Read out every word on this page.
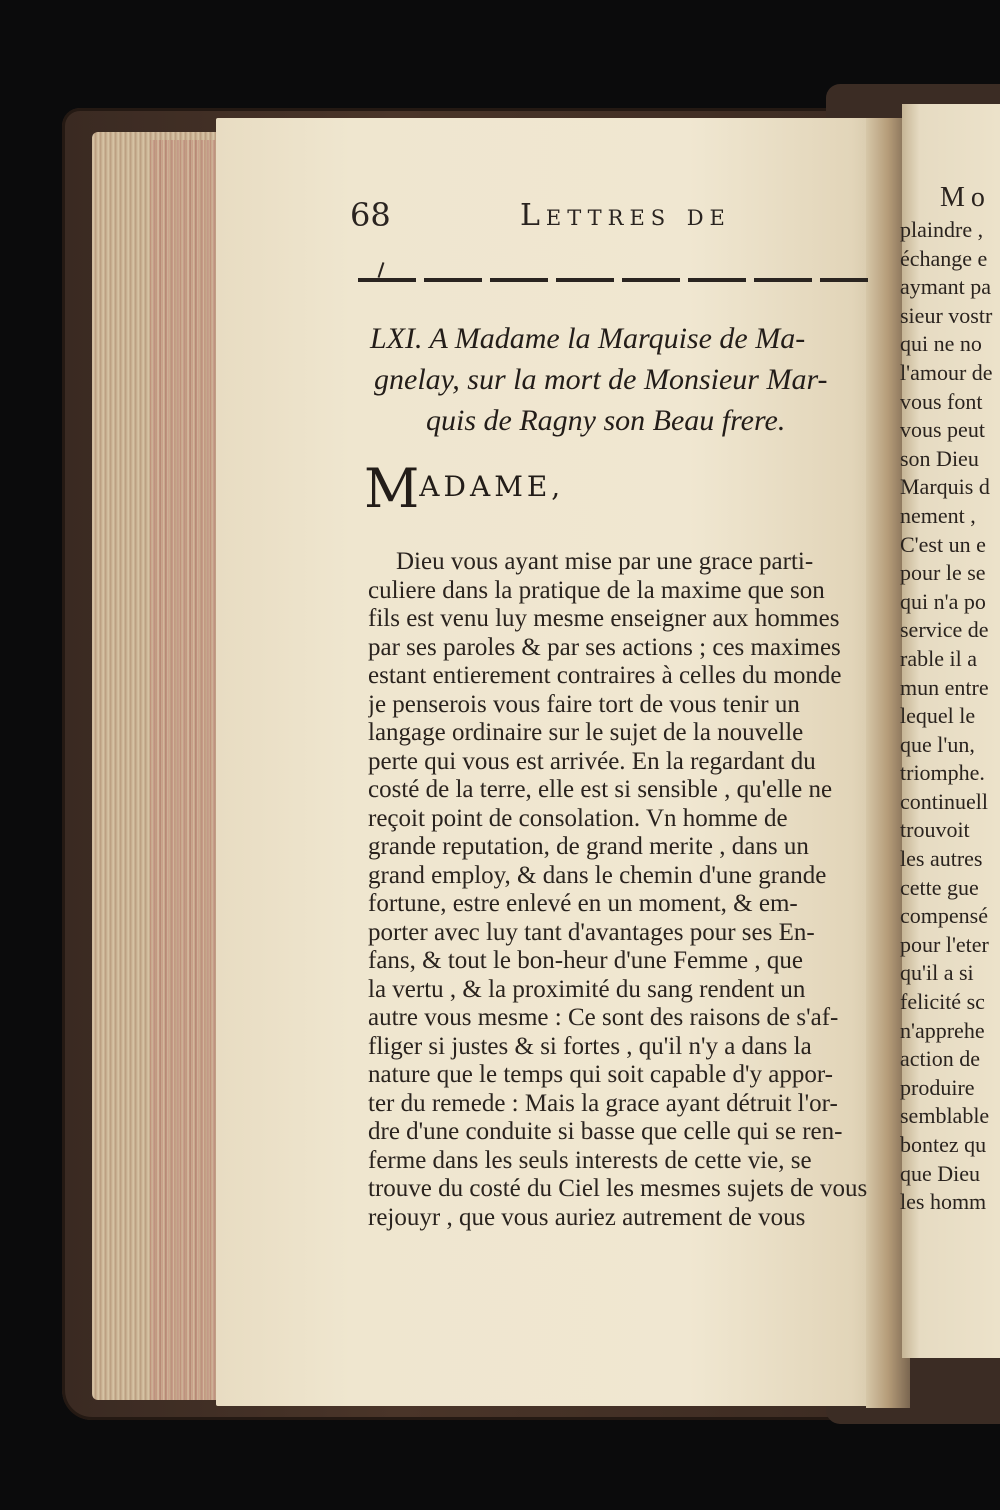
68	Lettres de
LXI. A Madame la Marquise de Ma-
gnelay, sur la mort de Monsieur Mar-
quis de Ragny son Beau frere.
MADAME,
Dieu vous ayant mise par une grace parti-
culiere dans la pratique de la maxime que son
fils est venu luy mesme enseigner aux hommes
par ses paroles & par ses actions ; ces maximes
estant entierement contraires à celles du monde
je penserois vous faire tort de vous tenir un
langage ordinaire sur le sujet de la nouvelle
perte qui vous est arrivée. En la regardant du
costé de la terre, elle est si sensible , qu'elle ne
reçoit point de consolation. Vn homme de
grande reputation, de grand merite , dans un
grand employ, & dans le chemin d'une grande
fortune, estre enlevé en un moment, & em-
porter avec luy tant d'avantages pour ses En-
fans, & tout le bon-heur d'une Femme , que
la vertu , & la proximité du sang rendent un
autre vous mesme : Ce sont des raisons de s'af-
fliger si justes & si fortes , qu'il n'y a dans la
nature que le temps qui soit capable d'y appor-
ter du remede : Mais la grace ayant détruit l'or-
dre d'une conduite si basse que celle qui se ren-
ferme dans les seuls interests de cette vie, se
trouve du costé du Ciel les mesmes sujets de vous
rejouyr , que vous auriez autrement de vous
Mo
plaindre ,
échange e
aymant pa
sieur vostr
qui ne no
l'amour de
vous font
vous peut
son Dieu
Marquis d
nement ,
C'est un e
pour le se
qui n'a po
service de
rable il a
mun entre
lequel le
que l'un,
triomphe.
continuell
trouvoit
les autres
cette gue
compensé
pour l'eter
qu'il a si
felicité sc
n'apprehe
action de
produire
semblable
bontez qu
que Dieu
les homm
